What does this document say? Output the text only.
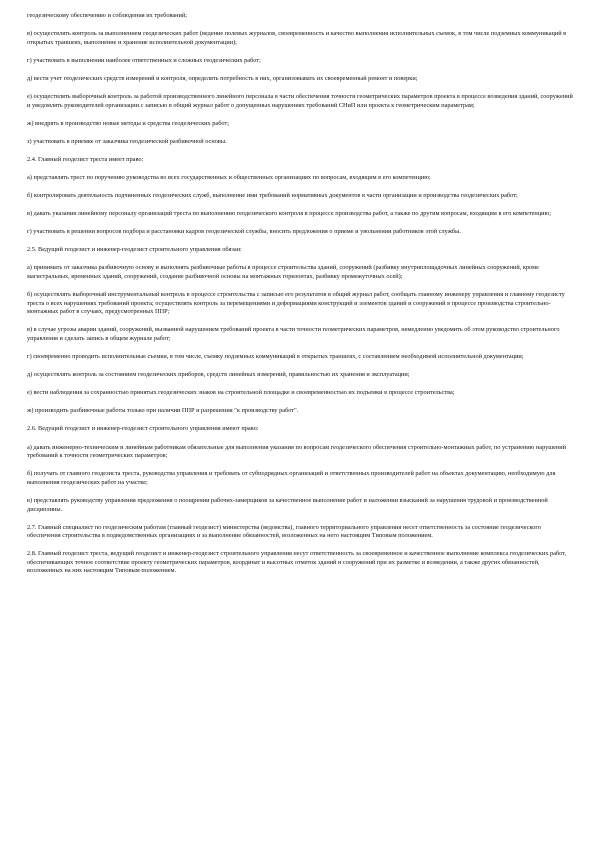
геодезическому обеспечению и соблюдения их требований;

в) осуществлять контроль за выполнением геодезических работ (ведение полевых журналов, своевременность и качество выполнения исполнительных съемок, в том числе подземных коммуникаций в открытых траншеях, выполнение и хранение исполнительной документации);

г) участвовать в выполнении наиболее ответственных и сложных геодезических работ;

д) вести учет геодезических средств измерений и контроля, определять потребность в них, организовывать их своевременный ремонт и поверки;

е) осуществлять выборочный контроль за работой производственного линейного персонала в части обеспечения точности геометрических параметров проекта в процессе возведения зданий, сооружений и уведомлять руководителей организации с записью в общий журнал работ о допущенных нарушениях требований СНиП или проекта к геометрическим параметрам;

ж) внедрять в производство новые методы и средства геодезических работ;

з) участвовать в приемке от заказчика геодезической разбивочной основы.

2.4. Главный геодезист треста имеет право:

а) представлять трест по поручению руководства во всех государственных и общественных организациях по вопросам, входящим в его компетенцию;

б) контролировать деятельность подчиненных геодезических служб, выполнение ими требований нормативных документов в части организации и производства геодезических работ;

в) давать указания линейному персоналу организаций треста по выполнению геодезического контроля в процессе производства работ, а также по другим вопросам, входящим в его компетенцию;

г) участвовать в решении вопросов подбора и расстановки кадров геодезической службы, вносить предложения о приеме и увольнении работников этой службы.

2.5. Ведущий геодезист и инженер-геодезист строительного управления обязан:

а) принимать от заказчика разбивочную основу и выполнять разбивочные работы в процессе строительства зданий, сооружений (разбивку внутриплощадочных линейных сооружений, кроме магистральных, временных зданий, сооружений, создание разбивочной основы на монтажных горизонтах, разбивку промежуточных осей);

б) осуществлять выборочный инструментальный контроль в процессе строительства с записью его результатов в общий журнал работ, сообщать главному инженеру управления и главному геодезисту треста о всех нарушениях требований проекта; осуществлять контроль за перемещениями и деформациями конструкций и элементов зданий и сооружений в процессе производства строительно-монтажных работ в случаях, предусмотренных ППР;

в) в случае угрозы аварии зданий, сооружений, вызванной нарушением требований проекта в части точности геометрических параметров, немедленно уведомить об этом руководство строительного управления и сделать запись в общем журнале работ;

г) своевременно проводить исполнительные съемки, в том числе, съемку подземных коммуникаций в открытых траншеях, с составлением необходимой исполнительной документации;

д) осуществлять контроль за состоянием геодезических приборов, средств линейных измерений, правильностью их хранения и эксплуатации;

е) вести наблюдения за сохранностью принятых геодезических знаков на строительной площадке и своевременностью их подъемки в процессе строительства;

ж) производить разбивочные работы только при наличии ППР и разрешения "к производству работ".

2.6. Ведущий геодезист и инженер-геодезист строительного управления имеют право:

а) давать инженерно-техническим и линейным работникам обязательные для выполнения указания по вопросам геодезического обеспечения строительно-монтажных работ, по устранению нарушений требований к точности геометрических параметров;

б) получать от главного геодезиста треста, руководства управления и требовать от субподрядных организаций и ответственных производителей работ на объектах документацию, необходимую для выполнения геодезических работ на участке;

в) представлять руководству управления предложения о поощрении рабочих-замерщиков за качественное выполнение работ и наложении взысканий за нарушения трудовой и производственной дисциплины.

2.7. Главный специалист по геодезическим работам (главный геодезист) министерства (ведомства), главного территориального управления несет ответственность за состояние геодезического обеспечения строительства в подведомственных организациях и за выполнение обязанностей, возложенных на него настоящим Типовым положением.

2.8. Главный геодезист треста, ведущий геодезист и инженер-геодезист строительного управления несут ответственность за своевременное и качественное выполнение комплекса геодезических работ, обеспечивающих точное соответствие проекту геометрических параметров, координат и высотных отметок зданий и сооружений при их разметке и возведении, а также других обязанностей, возложенных на них настоящим Типовым положением.
